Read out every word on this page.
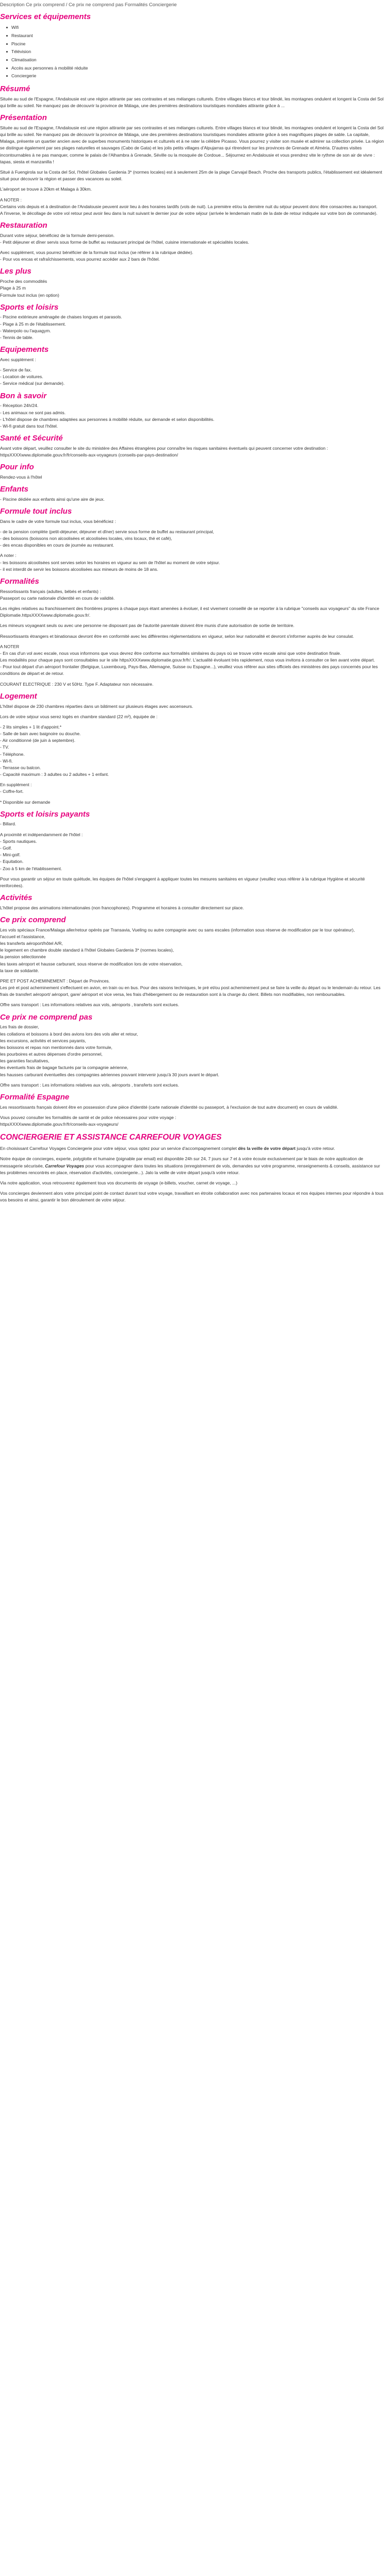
Description Ce prix comprend / Ce prix ne comprend pas Formalités Conciergerie
Services et équipements
Wifi
Restaurant
Piscine
Télévision
Climatisation
Accès aux personnes à mobilité réduite
Conciergerie
Résumé

Située au sud de l'Espagne, l'Andalousie est une région attirante par ses contrastes et ses mélanges culturels. Entre villages blancs et tour blindé, les montagnes ondulent et longent la Costa del Sol qui brille au soleil. Ne manquez pas de découvrir la province de Málaga, une des premières destinations touristiques mondiales attirante grâce à ...

Présentation

Située au sud de l'Espagne, l'Andalousie est une région attirante par ses contrastes et ses mélanges culturels. Entre villages blancs et tour blindé, les montagnes ondulent et longent la Costa del Sol qui brille au soleil. Ne manquez pas de découvrir la province de Málaga, une des premières destinations touristiques mondiales attirante grâce à ses magnifiques plages de sable. La capitale, Malaga, présente un quartier ancien avec de superbes monuments historiques et culturels et à ne rater la célèbre Picasso. Vous pourrez y visiter son musée et admirer sa collection privée. La région se distingue également par ses plages naturelles et sauvages (Cabo de Gata) et les jolis petits villages d'Alpujarras qui ritrendent sur les provinces de Grenade et Alméria. D'autres visites incontournables à ne pas manquer, comme le palais de l'Alhambra à Grenade, Séville ou la mosquée de Cordoue... Séjournez en Andalousie et vous prendrez vite le rythme de son air de vivre : tapas, siesta et manzanilla !

Situé à Fuengirola sur la Costa del Sol, l'hôtel Globales Gardenia 3* (normes locales) est à seulement 25m de la plage Carvajal Beach. Proche des transports publics, l'établissement est idéalement situé pour découvrir la région et passer des vacances au soleil.

L'aéroport se trouve à 20km et Malaga à 30km.

A NOTER :
Certains vols depuis et à destination de l'Andalousie peuvent avoir lieu à des horaires tardifs (vols de nuit). La première et/ou la dernière nuit du séjour peuvent donc être consacrées au transport.
A l'inverse, le décollage de votre vol retour peut avoir lieu dans la nuit suivant le dernier jour de votre séjour (arrivée le lendemain matin de la date de retour indiquée sur votre bon de commande).

Restauration

Durant votre séjour, bénéficiez de la formule demi-pension.
- Petit déjeuner et dîner servis sous forme de buffet au restaurant principal de l'hôtel, cuisine internationale et spécialités locales.

Avec supplément, vous pourrez bénéficier de la formule tout inclus (se référer à la rubrique dédiée).
- Pour vos encas et rafraîchissements, vous pourrez accéder aux 2 bars de l'hôtel.

Les plus

Proche des commodités
Plage à 25 m
Formule tout inclus (en option)

Sports et loisirs

- Piscine extérieure aménagée de chaises longues et parasols.
- Plage à 25 m de l'établissement.
- Waterpolo ou l'aquagym.
- Tennis de table.

Equipements

Avec supplément :

- Service de fax.
- Location de voitures.
- Service médical (sur demande).

Bon à savoir

- Réception 24h/24.
- Les animaux ne sont pas admis.
- L'hôtel dispose de chambres adaptées aux personnes à mobilité réduite, sur demande et selon disponibilités.
- Wi-fi gratuit dans tout l'hôtel.

Santé et Sécurité

Avant votre départ, veuillez consulter le site du ministère des Affaires étrangères pour connaître les risques sanitaires éventuels qui peuvent concerner votre destination : httpsXXXXwww.diplomatie.gouv.fr/fr/conseils-aux-voyageurs (conseils-par-pays-destination/

Pour info

Rendez-vous à l'hôtel

Enfants

- Piscine dédiée aux enfants ainsi qu'une aire de jeux.

Formule tout inclus

Dans le cadre de votre formule tout inclus, vous bénéficiez :

- de la pension complète (petit-déjeuner, déjeuner et dîner) servie sous forme de buffet au restaurant principal,
- des boissons (boissons non alcoolisées et alcoolisées locales, vins locaux, thé et café),
- des encas disponibles en cours de journée au restaurant.

A noter :
- les boissons alcoolisées sont servies selon les horaires en vigueur au sein de l'hôtel au moment de votre séjour.
- il est interdit de servir les boissons alcoolisées aux mineurs de moins de 18 ans.

Formalités

Ressortissants français (adultes, bébés et enfants) :
Passeport ou carte nationale d'identité en cours de validité.

Les règles relatives au franchissement des frontières propres à chaque pays étant amenées à évoluer, il est vivement conseillé de se reporter à la rubrique "conseils aux voyageurs" du site France Diplomatie.httpsXXXXwww.diplomatie.gouv.fr/.

Les mineurs voyageant seuls ou avec une personne ne disposant pas de l'autorité parentale doivent être munis d'une autorisation de sortie de territoire.

Ressortissants étrangers et binationaux devront être en conformité avec les différentes réglementations en vigueur, selon leur nationalité et devront s'informer auprès de leur consulat.

A NOTER
- En cas d'un vol avec escale, nous vous informons que vous devrez être conforme aux formalités similaires du pays où se trouve votre escale ainsi que votre destination finale.
Les modalités pour chaque pays sont consultables sur le site httpsXXXXwww.diplomatie.gouv.fr/fr/. L'actualité évoluant très rapidement, nous vous invitons à consulter ce lien avant votre départ.
- Pour tout départ d'un aéroport frontalier (Belgique, Luxembourg, Pays-Bas, Allemagne, Suisse ou Espagne...), veuillez vous référer aux sites officiels des ministères des pays concernés pour les conditions de départ et de retour.

COURANT ELECTRIQUE : 230 V et 50Hz. Type F. Adaptateur non nécessaire.

Logement

L'hôtel dispose de 230 chambres réparties dans un bâtiment sur plusieurs étages avec ascenseurs.

Lors de votre séjour vous serez logés en chambre standard (22 m²), équipée de :

- 2 lits simples + 1 lit d'appoint.*
- Salle de bain avec baignoire ou douche.
- Air conditionné (de juin à septembre).
- TV.
- Téléphone.
- Wi-fi.
- Terrasse ou balcon.
- Capacité maximum : 3 adultes ou 2 adultes + 1 enfant.

En supplément :
- Coffre-fort.

* Disponible sur demande

Sports et loisirs payants

- Billard.

A proximité et indépendamment de l'hôtel :
- Sports nautiques.
- Golf.
- Mini-golf.
- Equitation.
- Zoo à 5 km de l'établissement.

Pour vous garantir un séjour en toute quiétude, les équipes de l'hôtel s'engagent à appliquer toutes les mesures sanitaires en vigueur (veuillez vous référer à la rubrique Hygiène et sécurité renforcées).

Activités

L'hôtel propose des animations internationales (non francophones). Programme et horaires à consulter directement sur place.

Ce prix comprend

Les vols spéciaux France/Malaga aller/retour opérés par Transavia, Vueling ou autre compagnie avec ou sans escales (information sous réserve de modification par le tour opérateur),
l'accueil et l'assistance,
les transferts aéroport/hôtel A/R,
le logement en chambre double standard à l'hôtel Globales Gardenia 3* (normes locales),
la pension sélectionnée
les taxes aéroport et hausse carburant, sous réserve de modification lors de votre réservation,
la taxe de solidarité.

PRE ET POST ACHEMINEMENT : Départ de Provinces.
Les pré et post acheminement s'effectuent en avion, en train ou en bus. Pour des raisons techniques, le pré et/ou post acheminement peut se faire la veille du départ ou le lendemain du retour. Les frais de transfert aéroport/ aéroport, gare/ aéroport et vice versa, les frais d'hébergement ou de restauration sont à la charge du client. Billets non modifiables, non remboursables.

Offre sans transport : Les informations relatives aux vols, aéroports , transferts sont exclues.

Ce prix ne comprend pas

Les frais de dossier,
les collations et boissons à bord des avions lors des vols aller et retour,
les excursions, activités et services payants,
les boissons et repas non mentionnés dans votre formule,
les pourboires et autres dépenses d'ordre personnel,
les garanties facultatives,
les éventuels frais de bagage facturés par la compagnie aérienne,
les hausses carburant éventuelles des compagnies aériennes pouvant intervenir jusqu'à 30 jours avant le départ.

Offre sans transport : Les informations relatives aux vols, aéroports , transferts sont exclues.

Formalité Espagne

Les ressortissants français doivent être en possession d'une pièce d'identité (carte nationale d'identité ou passeport, à l'exclusion de tout autre document) en cours de validité.

Vous pouvez consulter les formalités de santé et de police nécessaires pour votre voyage :
httpsXXXXwww.diplomatie.gouv.fr/fr/conseils-aux-voyageurs/

CONCIERGERIE ET ASSISTANCE CARREFOUR VOYAGES

En choisissant Carrefour Voyages Conciergerie pour votre séjour, vous optez pour un service d'accompagnement complet dès la veille de votre départ jusqu'à votre retour.

Notre équipe de concierges, experte, polyglotte et humaine (joignable par email) est disponible 24h sur 24, 7 jours sur 7 et à votre écoute exclusivement par le biais de notre application de messagerie sécurisée, Carrefour Voyages pour vous accompagner dans toutes les situations (enregistrement de vols, demandes sur votre programme, renseignements & conseils, assistance sur les problèmes rencontrés en place, réservation d'activités, conciergerie...). Jalo la veille de votre départ jusqu'à votre retour.

Via notre application, vous retrouverez également tous vos documents de voyage (e-billets, voucher, carnet de voyage, ...)

Vos concierges deviennent alors votre principal point de contact durant tout votre voyage, travaillant en étroite collaboration avec nos partenaires locaux et nos équipes internes pour répondre à tous vos besoins et ainsi, garantir le bon déroulement de votre séjour.
